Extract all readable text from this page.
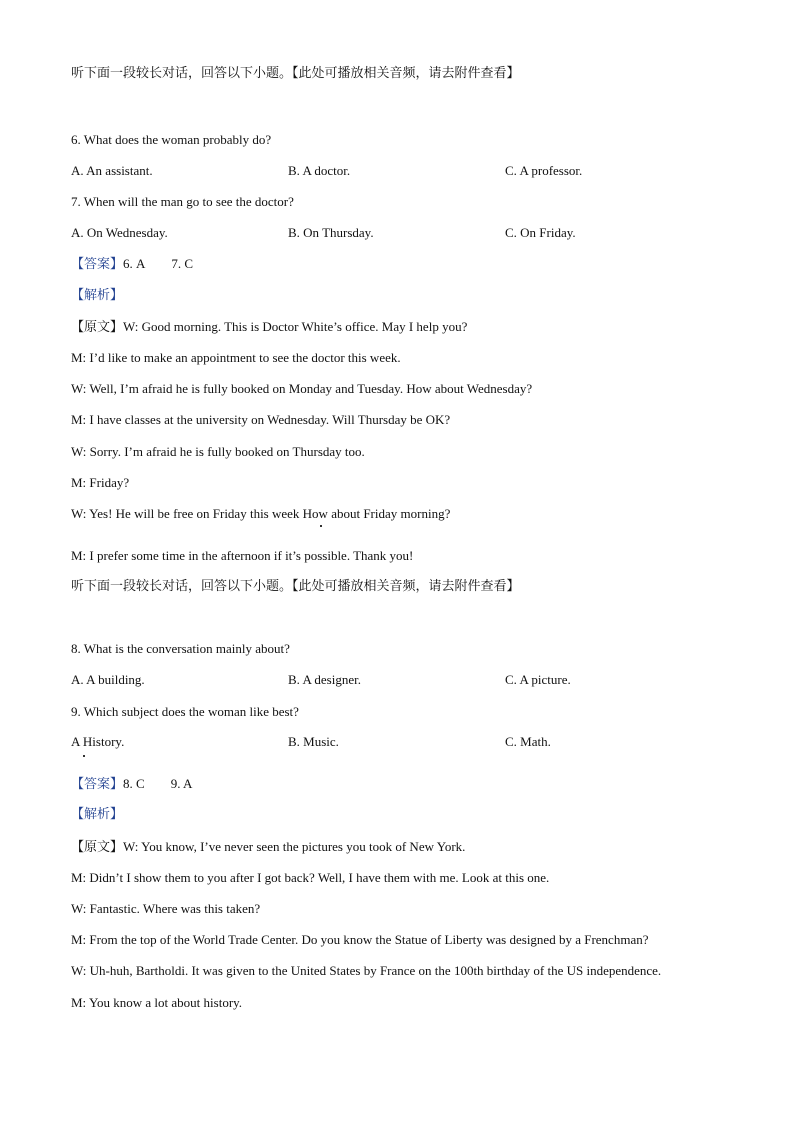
听下面一段较长对话，回答以下小题。【此处可播放相关音频，请去附件查看】
6. What does the woman probably do?
A. An assistant.	B. A doctor.	C. A professor.
7. When will the man go to see the doctor?
A. On Wednesday.	B. On Thursday.	C. On Friday.
【答案】6. A 7. C
【解析】
【原文】W: Good morning. This is Doctor White’s office. May I help you?
M: I’d like to make an appointment to see the doctor this week.
W: Well, I’m afraid he is fully booked on Monday and Tuesday. How about Wednesday?
M: I have classes at the university on Wednesday. Will Thursday be OK?
W: Sorry. I’m afraid he is fully booked on Thursday too.
M: Friday?
W: Yes! He will be free on Friday this week How about Friday morning?
M: I prefer some time in the afternoon if it’s possible. Thank you!
听下面一段较长对话，回答以下小题。【此处可播放相关音频，请去附件查看】
8. What is the conversation mainly about?
A. A building.	B. A designer.	C. A picture.
9. Which subject does the woman like best?
A History.	B. Music.	C. Math.
【答案】8. C 9. A
【解析】
【原文】W: You know, I’ve never seen the pictures you took of New York.
M: Didn’t I show them to you after I got back? Well, I have them with me. Look at this one.
W: Fantastic. Where was this taken?
M: From the top of the World Trade Center. Do you know the Statue of Liberty was designed by a Frenchman?
W: Uh-huh, Bartholdi. It was given to the United States by France on the 100th birthday of the US independence.
M: You know a lot about history.
